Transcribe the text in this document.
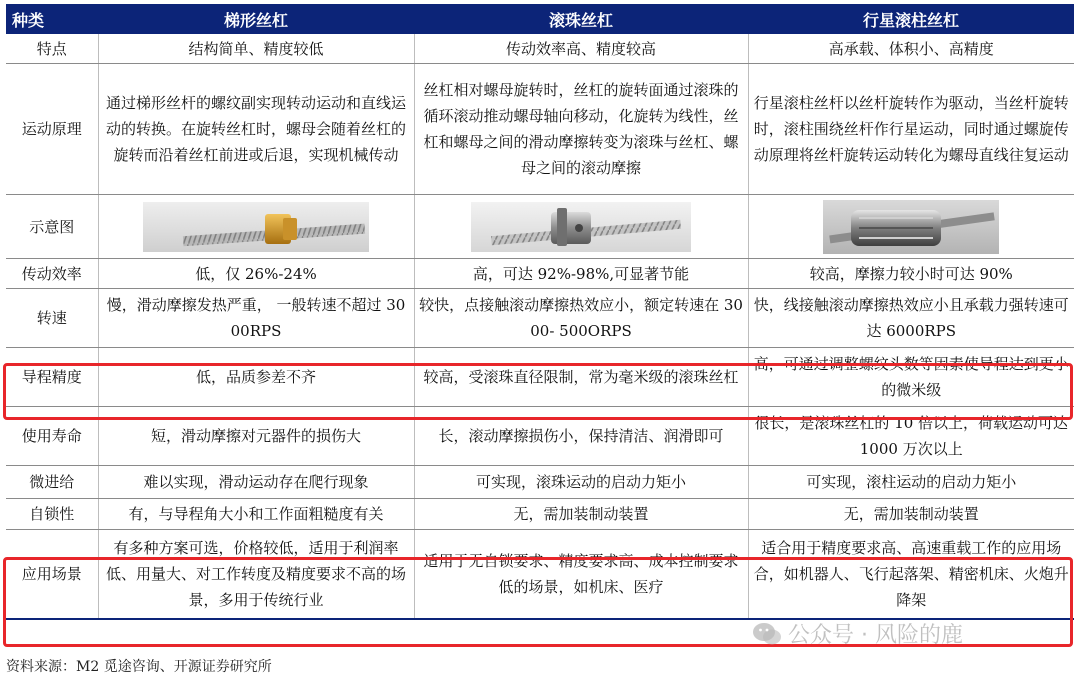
种类	梯形丝杠	滚珠丝杠	行星滚柱丝杠
特点	结构简单、精度较低	传动效率高、精度较高	高承载、体积小、高精度
运动原理	通过梯形丝杆的螺纹副实现转动运动和直线运动的转换。在旋转丝杠时，螺母会随着丝杠的旋转而沿着丝杠前进或后退，实现机械传动	丝杠相对螺母旋转时，丝杠的旋转面通过滚珠的循环滚动推动螺母轴向移动，化旋转为线性，丝杠和螺母之间的滑动摩擦转变为滚珠与丝杠、螺母之间的滚动摩擦	行星滚柱丝杆以丝杆旋转作为驱动，当丝杆旋转时，滚柱围绕丝杆作行星运动，同时通过螺旋传动原理将丝杆旋转运动转化为螺母直线往复运动
示意图	

传动效率	低，仅 26%-24%	高，可达 92%-98%,可显著节能	较高，摩擦力较小时可达 90%
转速	慢，滑动摩擦发热严重， 一般转速不超过 3000RPS	较快，点接触滚动摩擦热效应小，额定转速在 3000- 500ORPS	快，线接触滚动摩擦热效应小且承载力强转速可达 6000RPS
导程精度	低，品质参差不齐	较高，受滚珠直径限制，常为毫米级的滚珠丝杠	高，可通过调整螺纹头数等因素使导程达到更小的微米级
使用寿命	短，滑动摩擦对元器件的损伤大	长，滚动摩擦损伤小，保持清洁、润滑即可	很长，是滚珠丝杠的 10 倍以上，荷载运动可达 1000 万次以上
微进给	难以实现，滑动运动存在爬行现象	可实现，滚珠运动的启动力矩小	可实现，滚柱运动的启动力矩小
自锁性	有，与导程角大小和工作面粗糙度有关	无，需加装制动装置	无，需加装制动装置
应用场景	有多种方案可选，价格较低，适用于利润率低、用量大、对工作转度及精度要求不高的场景，多用于传统行业	适用于无自锁要求、精度要求高、成本控制要求低的场景，如机床、医疗	适合用于精度要求高、高速重载工作的应用场合，如机器人、飞行起落架、精密机床、火炮升降架
公众号 · 风险的鹿
资料来源：M2 觅途咨询、开源证券研究所
